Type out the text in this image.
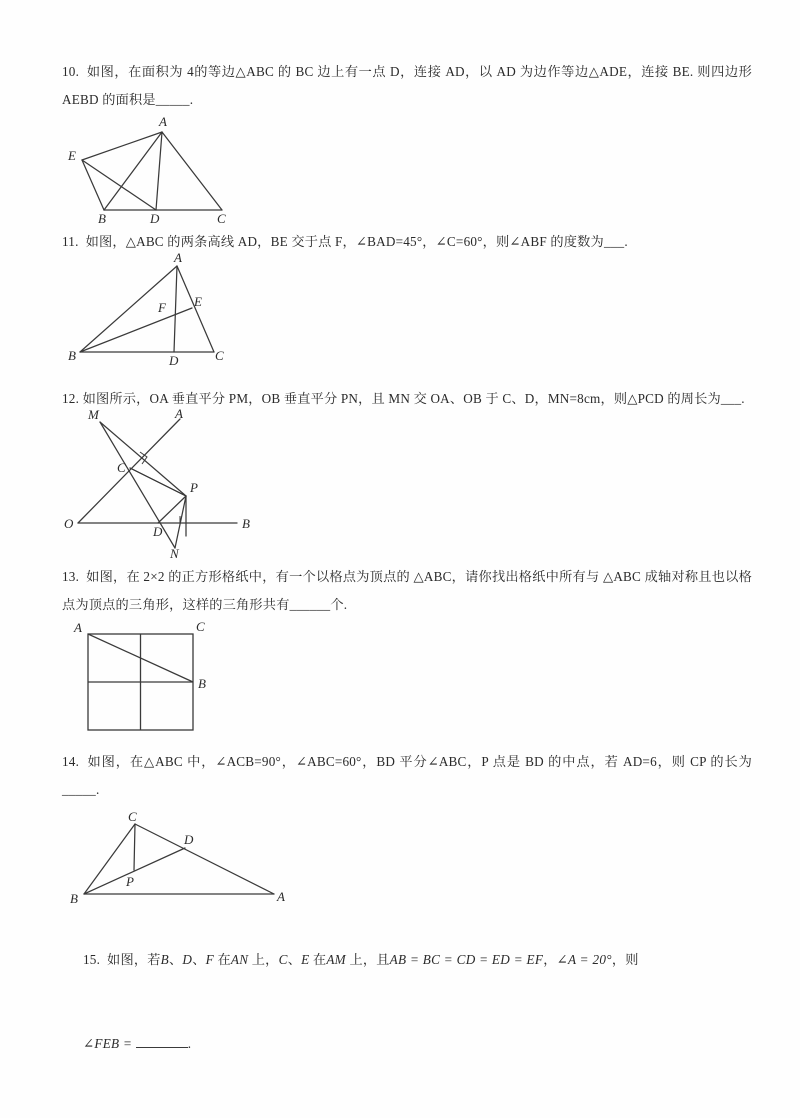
10.  如图，在面积为 4的等边△ABC 的 BC 边上有一点 D，连接 AD，以 AD 为边作等边△ADE，连接 BE. 则四边形 AEBD 的面积是_____.
A
E
B	D	C
11.  如图，△ABC 的两条高线 AD，BE 交于点 F，∠BAD=45°，∠C=60°，则∠ABF 的度数为___.
A
F E
B	D	C
12. 如图所示，OA 垂直平分 PM，OB 垂直平分 PN，且 MN 交 OA、OB 于 C、D，MN=8cm，则△PCD 的周长为___.
M	A
C
P
O
D
B
N
13.  如图，在 2×2 的正方形格纸中，有一个以格点为顶点的 △ABC，请你找出格纸中所有与 △ABC 成轴对称且也以格点为顶点的三角形，这样的三角形共有______个.
A	C
B
14.  如图，在△ABC 中，∠ACB=90°，∠ABC=60°，BD 平分∠ABC，P 点是 BD 的中点，若 AD=6，则 CP 的长为_____.
C
D
P
B	A

15.  如图，若B、D、F 在AN 上，C、E 在AM 上，且AB = BC = CD = ED = EF，∠A = 20°，则

∠FEB =	.
